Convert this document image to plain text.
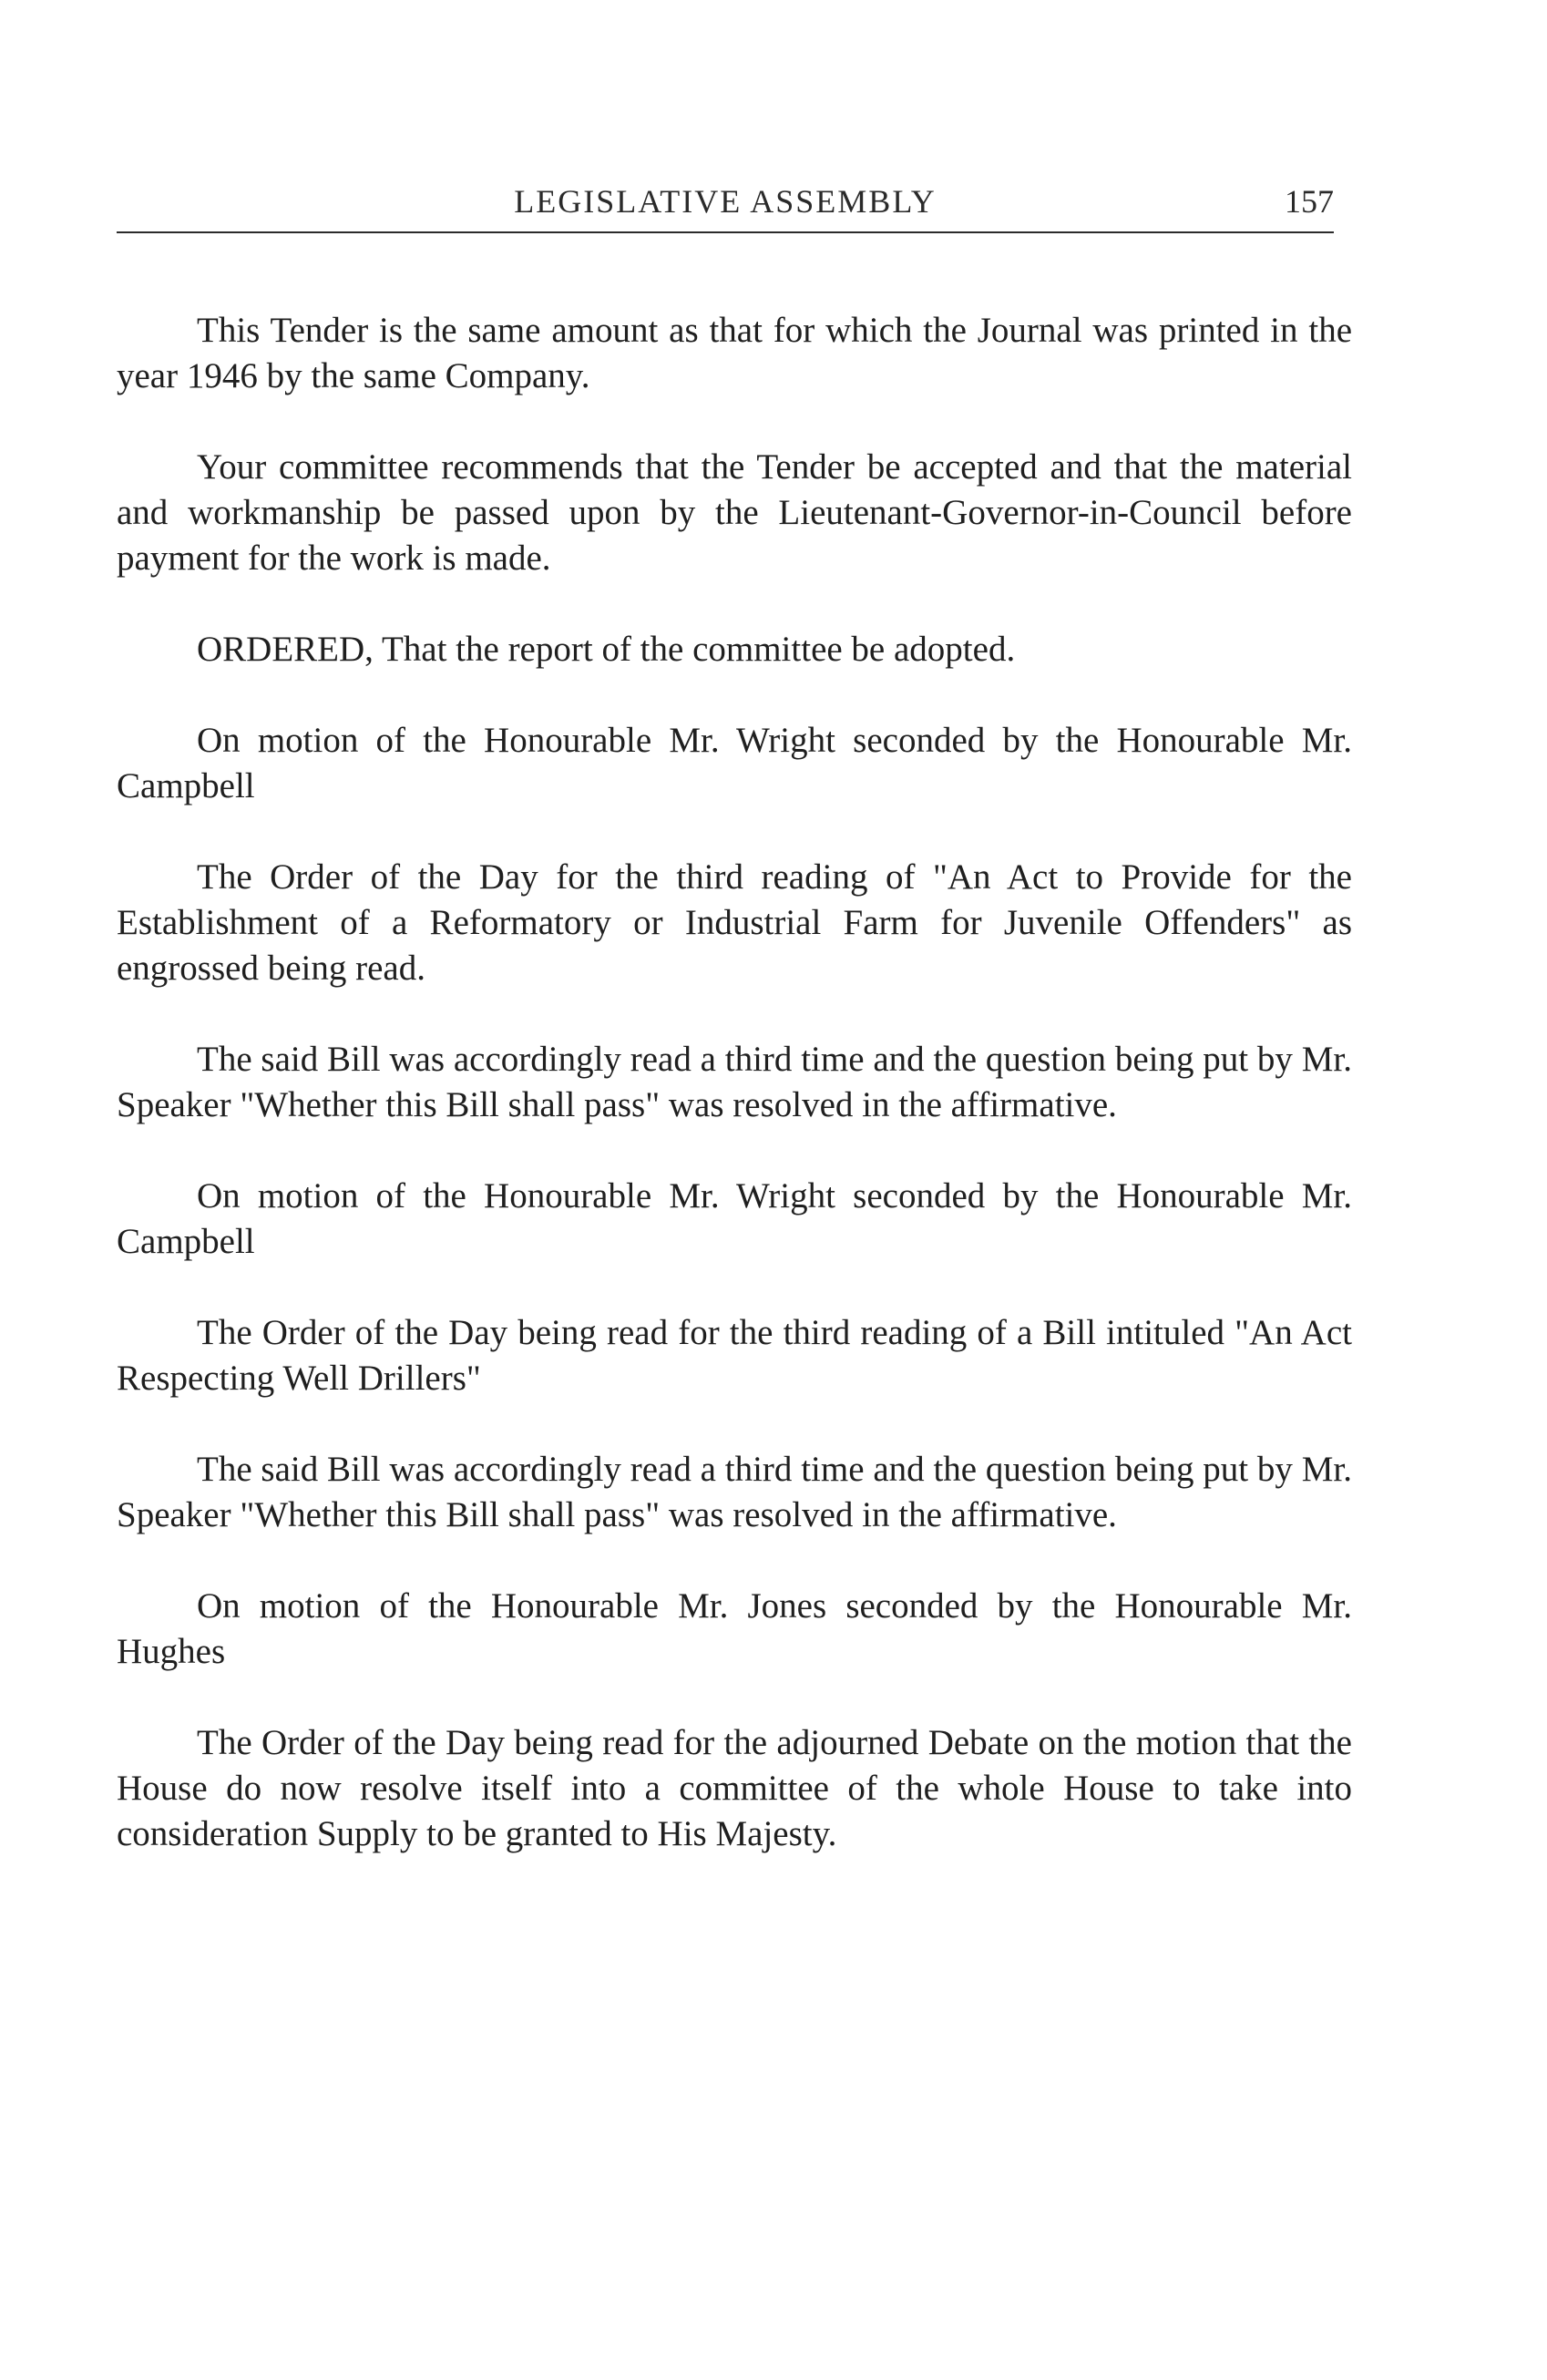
LEGISLATIVE ASSEMBLY	157

This Tender is the same amount as that for which the Journal was printed in the year 1946 by the same Company.

Your committee recommends that the Tender be accepted and that the material and workmanship be passed upon by the Lieutenant-Governor-in-Council before payment for the work is made.

ORDERED, That the report of the committee be adopted.

On motion of the Honourable Mr. Wright seconded by the Honourable Mr. Campbell

The Order of the Day for the third reading of "An Act to Provide for the Establishment of a Reformatory or Industrial Farm for Juvenile Offenders" as engrossed being read.

The said Bill was accordingly read a third time and the question being put by Mr. Speaker "Whether this Bill shall pass" was resolved in the affirmative.

On motion of the Honourable Mr. Wright seconded by the Honourable Mr. Campbell

The Order of the Day being read for the third reading of a Bill intituled "An Act Respecting Well Drillers"

The said Bill was accordingly read a third time and the question being put by Mr. Speaker "Whether this Bill shall pass" was resolved in the affirmative.

On motion of the Honourable Mr. Jones seconded by the Honourable Mr. Hughes

The Order of the Day being read for the adjourned Debate on the motion that the House do now resolve itself into a committee of the whole House to take into consideration Supply to be granted to His Majesty.
